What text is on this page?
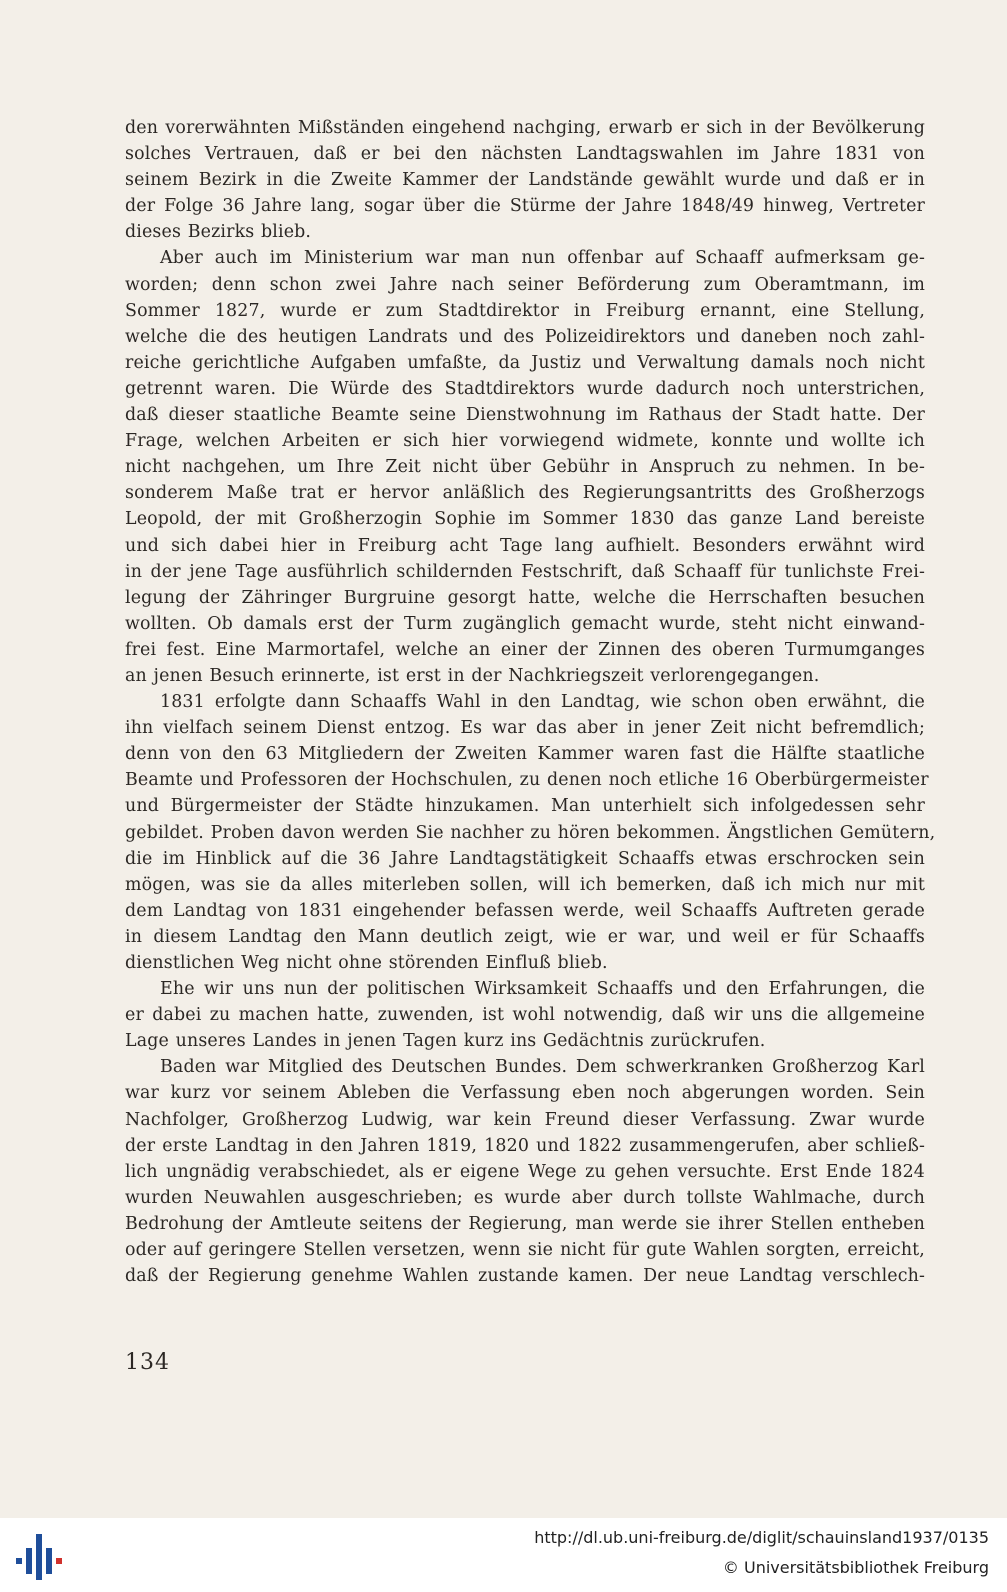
den vorerwähnten Mißständen eingehend nachging, erwarb er sich in der Bevölkerung
solches Vertrauen, daß er bei den nächsten Landtagswahlen im Jahre 1831 von
seinem Bezirk in die Zweite Kammer der Landstände gewählt wurde und daß er in
der Folge 36 Jahre lang, sogar über die Stürme der Jahre 1848/49 hinweg, Vertreter
dieses Bezirks blieb.

Aber auch im Ministerium war man nun offenbar auf Schaaff aufmerksam ge-
worden; denn schon zwei Jahre nach seiner Beförderung zum Oberamtmann, im
Sommer 1827, wurde er zum Stadtdirektor in Freiburg ernannt, eine Stellung,
welche die des heutigen Landrats und des Polizeidirektors und daneben noch zahl-
reiche gerichtliche Aufgaben umfaßte, da Justiz und Verwaltung damals noch nicht
getrennt waren. Die Würde des Stadtdirektors wurde dadurch noch unterstrichen,
daß dieser staatliche Beamte seine Dienstwohnung im Rathaus der Stadt hatte. Der
Frage, welchen Arbeiten er sich hier vorwiegend widmete, konnte und wollte ich
nicht nachgehen, um Ihre Zeit nicht über Gebühr in Anspruch zu nehmen. In be-
sonderem Maße trat er hervor anläßlich des Regierungsantritts des Großherzogs
Leopold, der mit Großherzogin Sophie im Sommer 1830 das ganze Land bereiste
und sich dabei hier in Freiburg acht Tage lang aufhielt. Besonders erwähnt wird
in der jene Tage ausführlich schildernden Festschrift, daß Schaaff für tunlichste Frei-
legung der Zähringer Burgruine gesorgt hatte, welche die Herrschaften besuchen
wollten. Ob damals erst der Turm zugänglich gemacht wurde, steht nicht einwand-
frei fest. Eine Marmortafel, welche an einer der Zinnen des oberen Turmumganges
an jenen Besuch erinnerte, ist erst in der Nachkriegszeit verlorengegangen.

1831 erfolgte dann Schaaffs Wahl in den Landtag, wie schon oben erwähnt, die
ihn vielfach seinem Dienst entzog. Es war das aber in jener Zeit nicht befremdlich;
denn von den 63 Mitgliedern der Zweiten Kammer waren fast die Hälfte staatliche
Beamte und Professoren der Hochschulen, zu denen noch etliche 16 Oberbürgermeister
und Bürgermeister der Städte hinzukamen. Man unterhielt sich infolgedessen sehr
gebildet. Proben davon werden Sie nachher zu hören bekommen. Ängstlichen Gemütern,
die im Hinblick auf die 36 Jahre Landtagstätigkeit Schaaffs etwas erschrocken sein
mögen, was sie da alles miterleben sollen, will ich bemerken, daß ich mich nur mit
dem Landtag von 1831 eingehender befassen werde, weil Schaaffs Auftreten gerade
in diesem Landtag den Mann deutlich zeigt, wie er war, und weil er für Schaaffs
dienstlichen Weg nicht ohne störenden Einfluß blieb.

Ehe wir uns nun der politischen Wirksamkeit Schaaffs und den Erfahrungen, die
er dabei zu machen hatte, zuwenden, ist wohl notwendig, daß wir uns die allgemeine
Lage unseres Landes in jenen Tagen kurz ins Gedächtnis zurückrufen.

Baden war Mitglied des Deutschen Bundes. Dem schwerkranken Großherzog Karl
war kurz vor seinem Ableben die Verfassung eben noch abgerungen worden. Sein
Nachfolger, Großherzog Ludwig, war kein Freund dieser Verfassung. Zwar wurde
der erste Landtag in den Jahren 1819, 1820 und 1822 zusammengerufen, aber schließ-
lich ungnädig verabschiedet, als er eigene Wege zu gehen versuchte. Erst Ende 1824
wurden Neuwahlen ausgeschrieben; es wurde aber durch tollste Wahlmache, durch
Bedrohung der Amtleute seitens der Regierung, man werde sie ihrer Stellen entheben
oder auf geringere Stellen versetzen, wenn sie nicht für gute Wahlen sorgten, erreicht,
daß der Regierung genehme Wahlen zustande kamen. Der neue Landtag verschlech-

134
http://dl.ub.uni-freiburg.de/diglit/schauinsland1937/0135
© Universitätsbibliothek Freiburg
